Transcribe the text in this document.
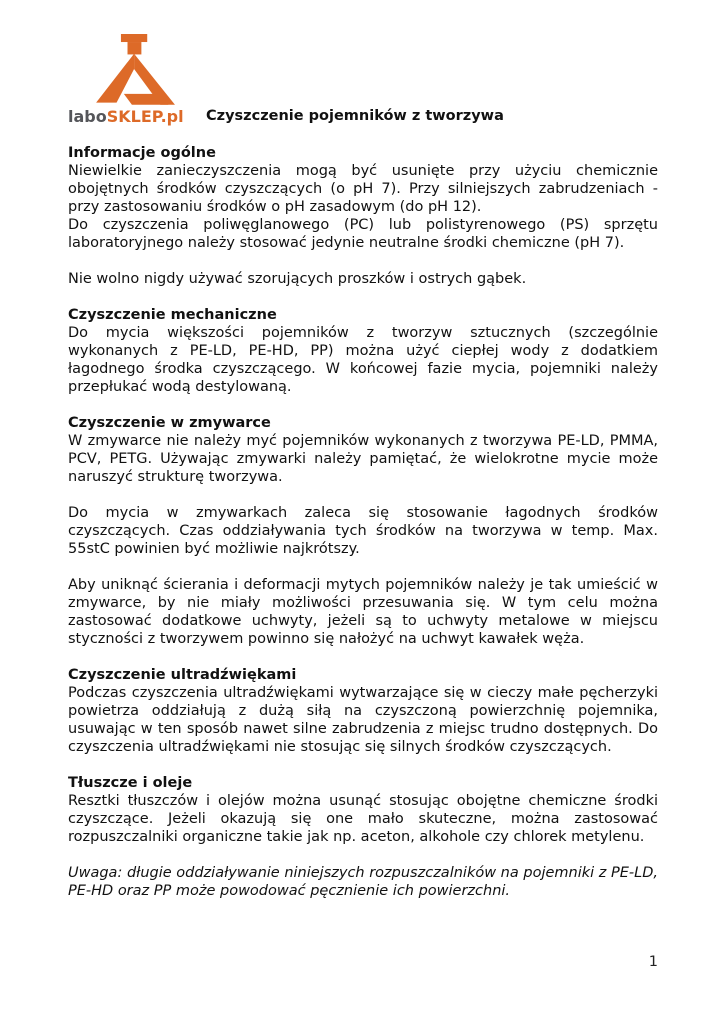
laboSKLEP.pl	Czyszczenie pojemników z tworzywa
Informacje ogólne

Niewielkie zanieczyszczenia mogą być usunięte przy użyciu chemicznie obojętnych środków czyszczących (o pH 7). Przy silniejszych zabrudzeniach - przy zastosowaniu środków o pH zasadowym (do pH 12).

Do czyszczenia poliwęglanowego (PC) lub polistyrenowego (PS) sprzętu laboratoryjnego należy stosować jedynie neutralne środki chemiczne (pH 7).

Nie wolno nigdy używać szorujących proszków i ostrych gąbek.

Czyszczenie mechaniczne

Do mycia większości pojemników z tworzyw sztucznych (szczególnie wykonanych z PE-LD, PE-HD, PP) można użyć ciepłej wody z dodatkiem łagodnego środka czyszczącego. W końcowej fazie mycia, pojemniki należy przepłukać wodą destylowaną.

Czyszczenie w zmywarce

W zmywarce nie należy myć pojemników wykonanych z tworzywa PE-LD, PMMA, PCV, PETG. Używając zmywarki należy pamiętać, że wielokrotne mycie może naruszyć strukturę tworzywa.

Do mycia w zmywarkach zaleca się stosowanie łagodnych środków czyszczących. Czas oddziaływania tych środków na tworzywa w temp. Max. 55stC powinien być możliwie najkrótszy.

Aby uniknąć ścierania i deformacji mytych pojemników należy je tak umieścić w zmywarce, by nie miały możliwości przesuwania się. W tym celu można zastosować dodatkowe uchwyty, jeżeli są to uchwyty metalowe w miejscu styczności z tworzywem powinno się nałożyć na uchwyt kawałek węża.

Czyszczenie ultradźwiękami

Podczas czyszczenia ultradźwiękami wytwarzające się w cieczy małe pęcherzyki powietrza oddziałują z dużą siłą na czyszczoną powierzchnię pojemnika, usuwając w ten sposób nawet silne zabrudzenia z miejsc trudno dostępnych. Do czyszczenia ultradźwiękami nie stosując się silnych środków czyszczących.

Tłuszcze i oleje

Resztki tłuszczów i olejów można usunąć stosując obojętne chemiczne środki czyszczące. Jeżeli okazują się one mało skuteczne, można zastosować rozpuszczalniki organiczne takie jak np. aceton, alkohole czy chlorek metylenu.

Uwaga: długie oddziaływanie niniejszych rozpuszczalników na pojemniki z PE-LD, PE-HD oraz PP może powodować pęcznienie ich powierzchni.

1
